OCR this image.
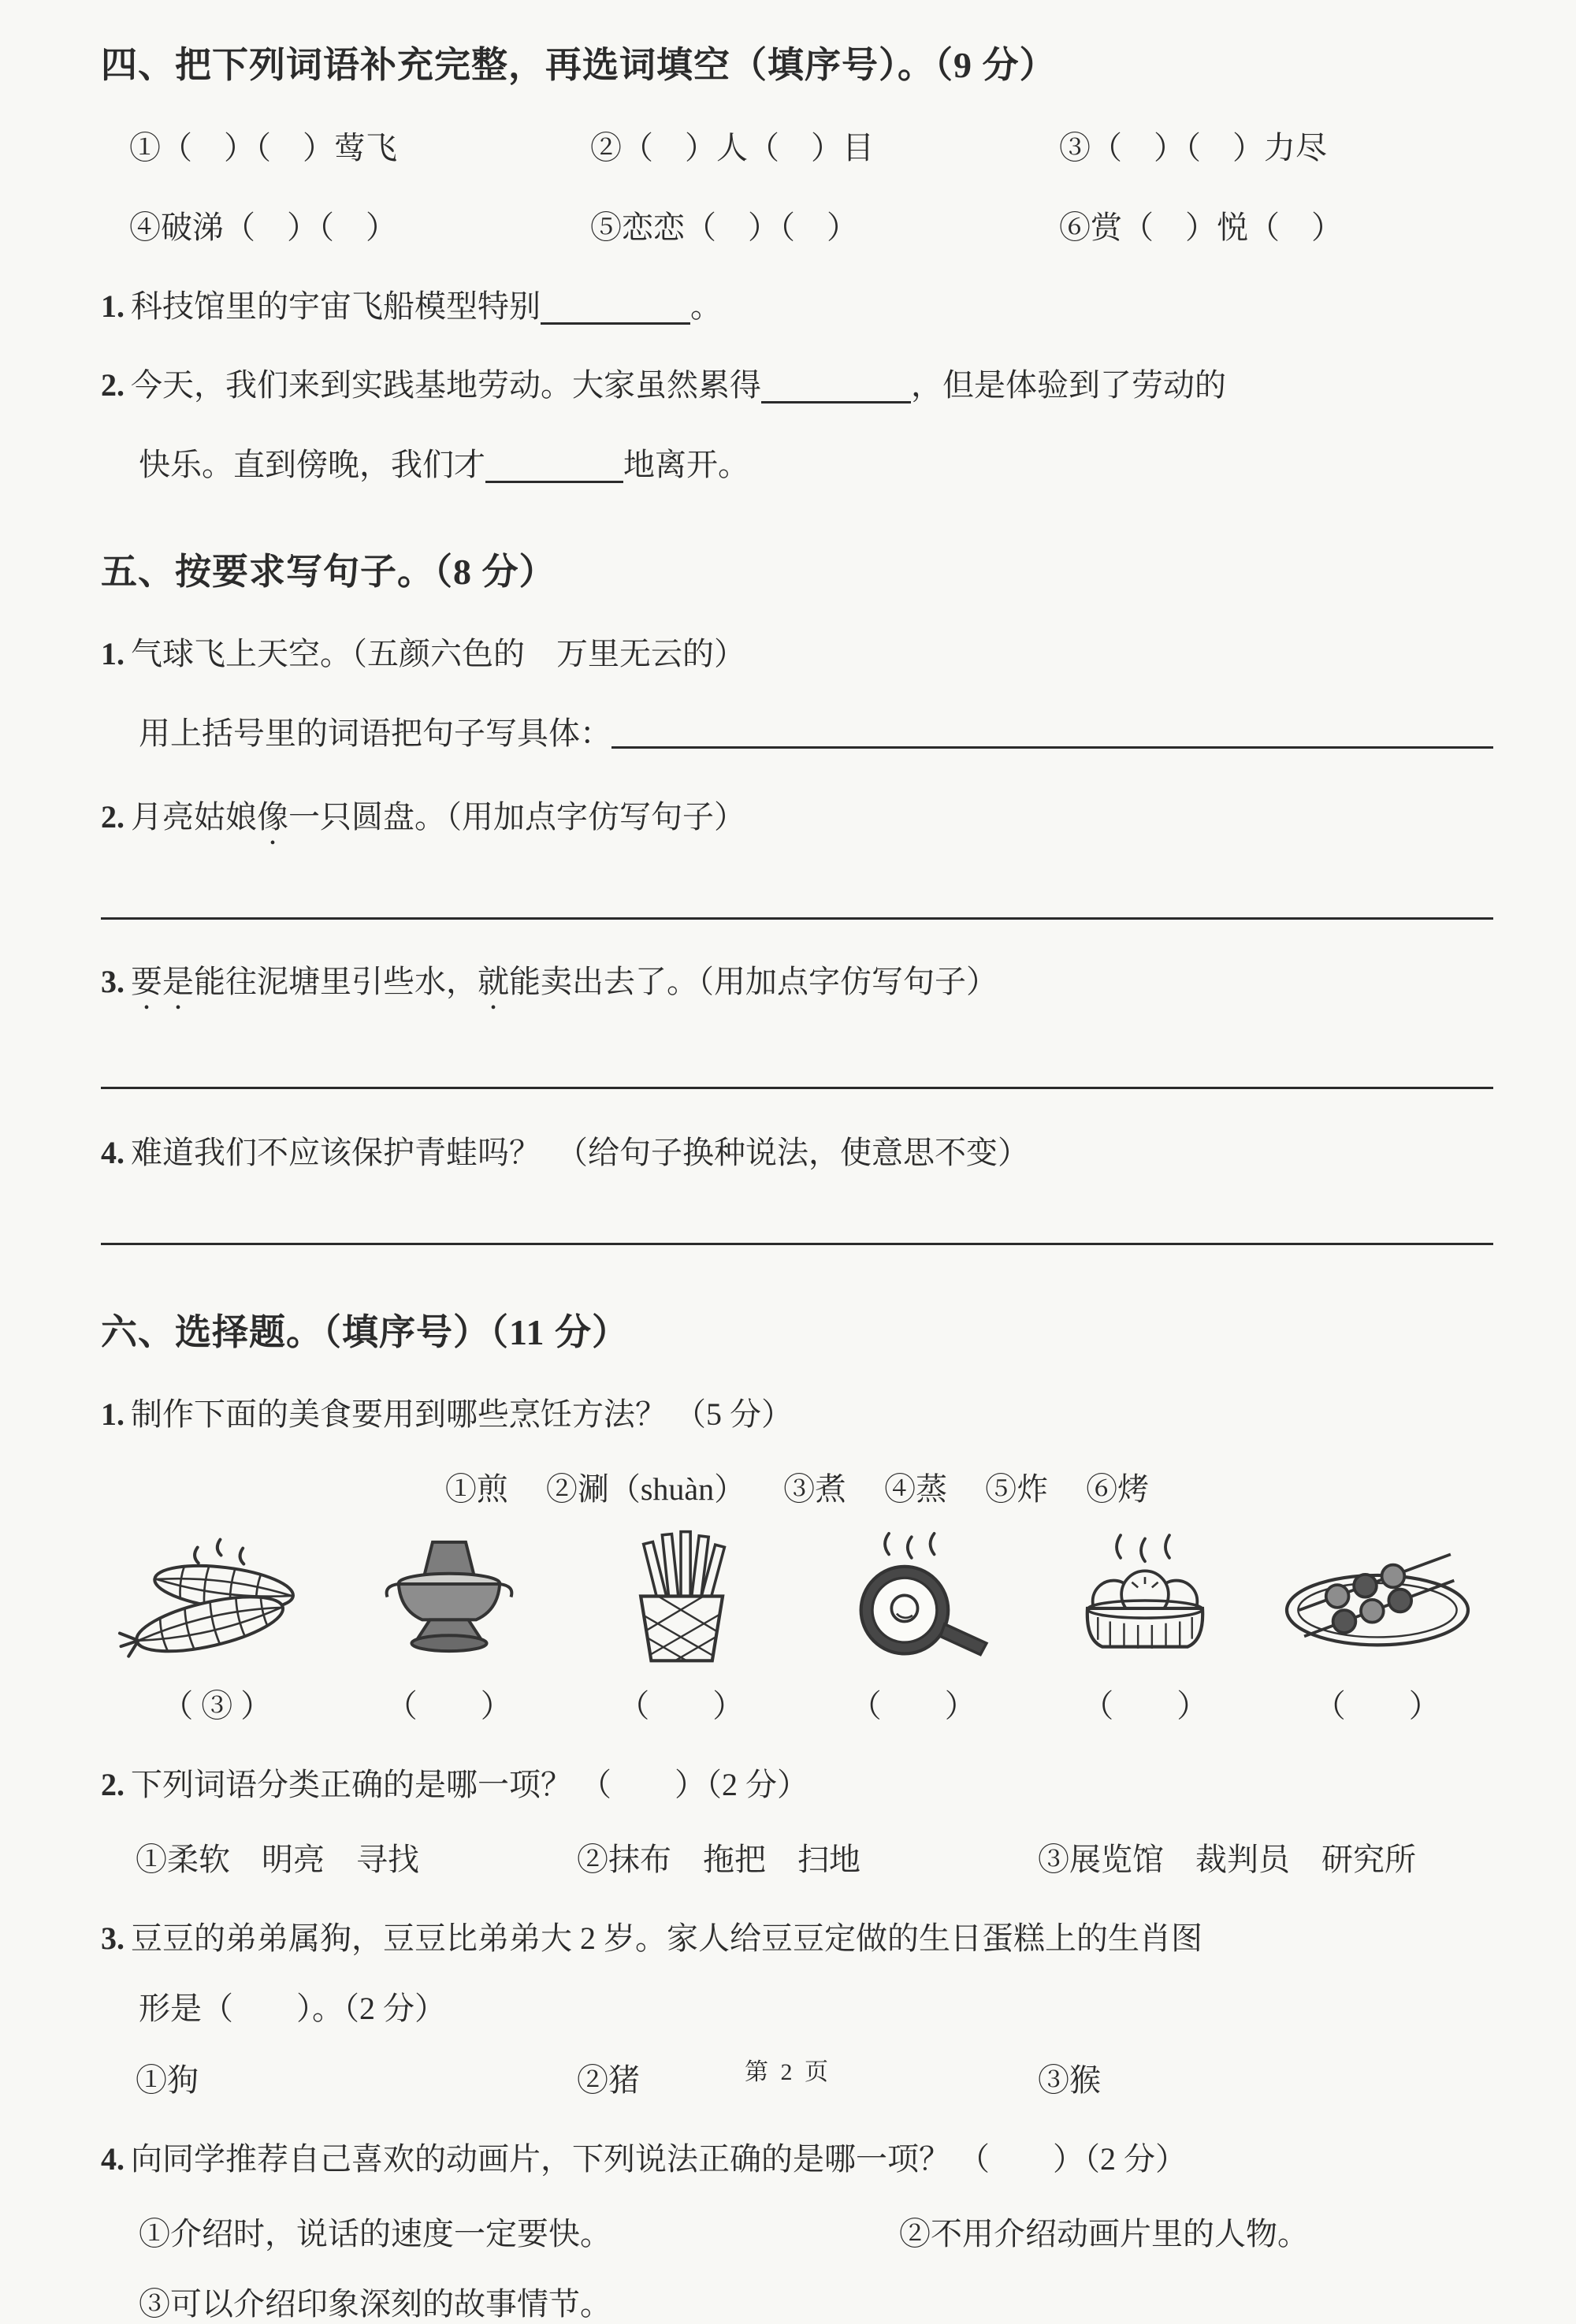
四、把下列词语补充完整，再选词填空（填序号）。（9 分）
①（　）（　）莺飞	②（　）人（　）目	③（　）（　）力尽
④破涕（　）（　）	⑤恋恋（　）（　）	⑥赏（　）悦（　）
1. 科技馆里的宇宙飞船模型特别	。
2. 今天，我们来到实践基地劳动。大家虽然累得	，但是体验到了劳动的
快乐。直到傍晚，我们才	地离开。
五、按要求写句子。（8 分）
1. 气球飞上天空。（五颜六色的　万里无云的）
用上括号里的词语把句子写具体：
2. 月亮姑娘像一只圆盘。（用加点字仿写句子）
3. 要是能往泥塘里引些水，就能卖出去了。（用加点字仿写句子）
4. 难道我们不应该保护青蛙吗？　（给句子换种说法，使意思不变）
六、选择题。（填序号）（11 分）
1. 制作下面的美食要用到哪些烹饪方法？ （5 分）
①煎 ②涮（shuàn） ③煮 ④蒸 ⑤炸 ⑥烤
（ ③ ）	（　　）	（　　）	（　　）	（　　）	（　　）
2. 下列词语分类正确的是哪一项？ （　　）（2 分）
①柔软　明亮　寻找	②抹布　拖把　扫地	③展览馆　裁判员　研究所
3. 豆豆的弟弟属狗，豆豆比弟弟大 2 岁。家人给豆豆定做的生日蛋糕上的生肖图
形是（　　）。（2 分）
①狗	②猪	③猴
4. 向同学推荐自己喜欢的动画片，下列说法正确的是哪一项？ （　　）（2 分）
①介绍时，说话的速度一定要快。	②不用介绍动画片里的人物。
③可以介绍印象深刻的故事情节。
第 2 页
